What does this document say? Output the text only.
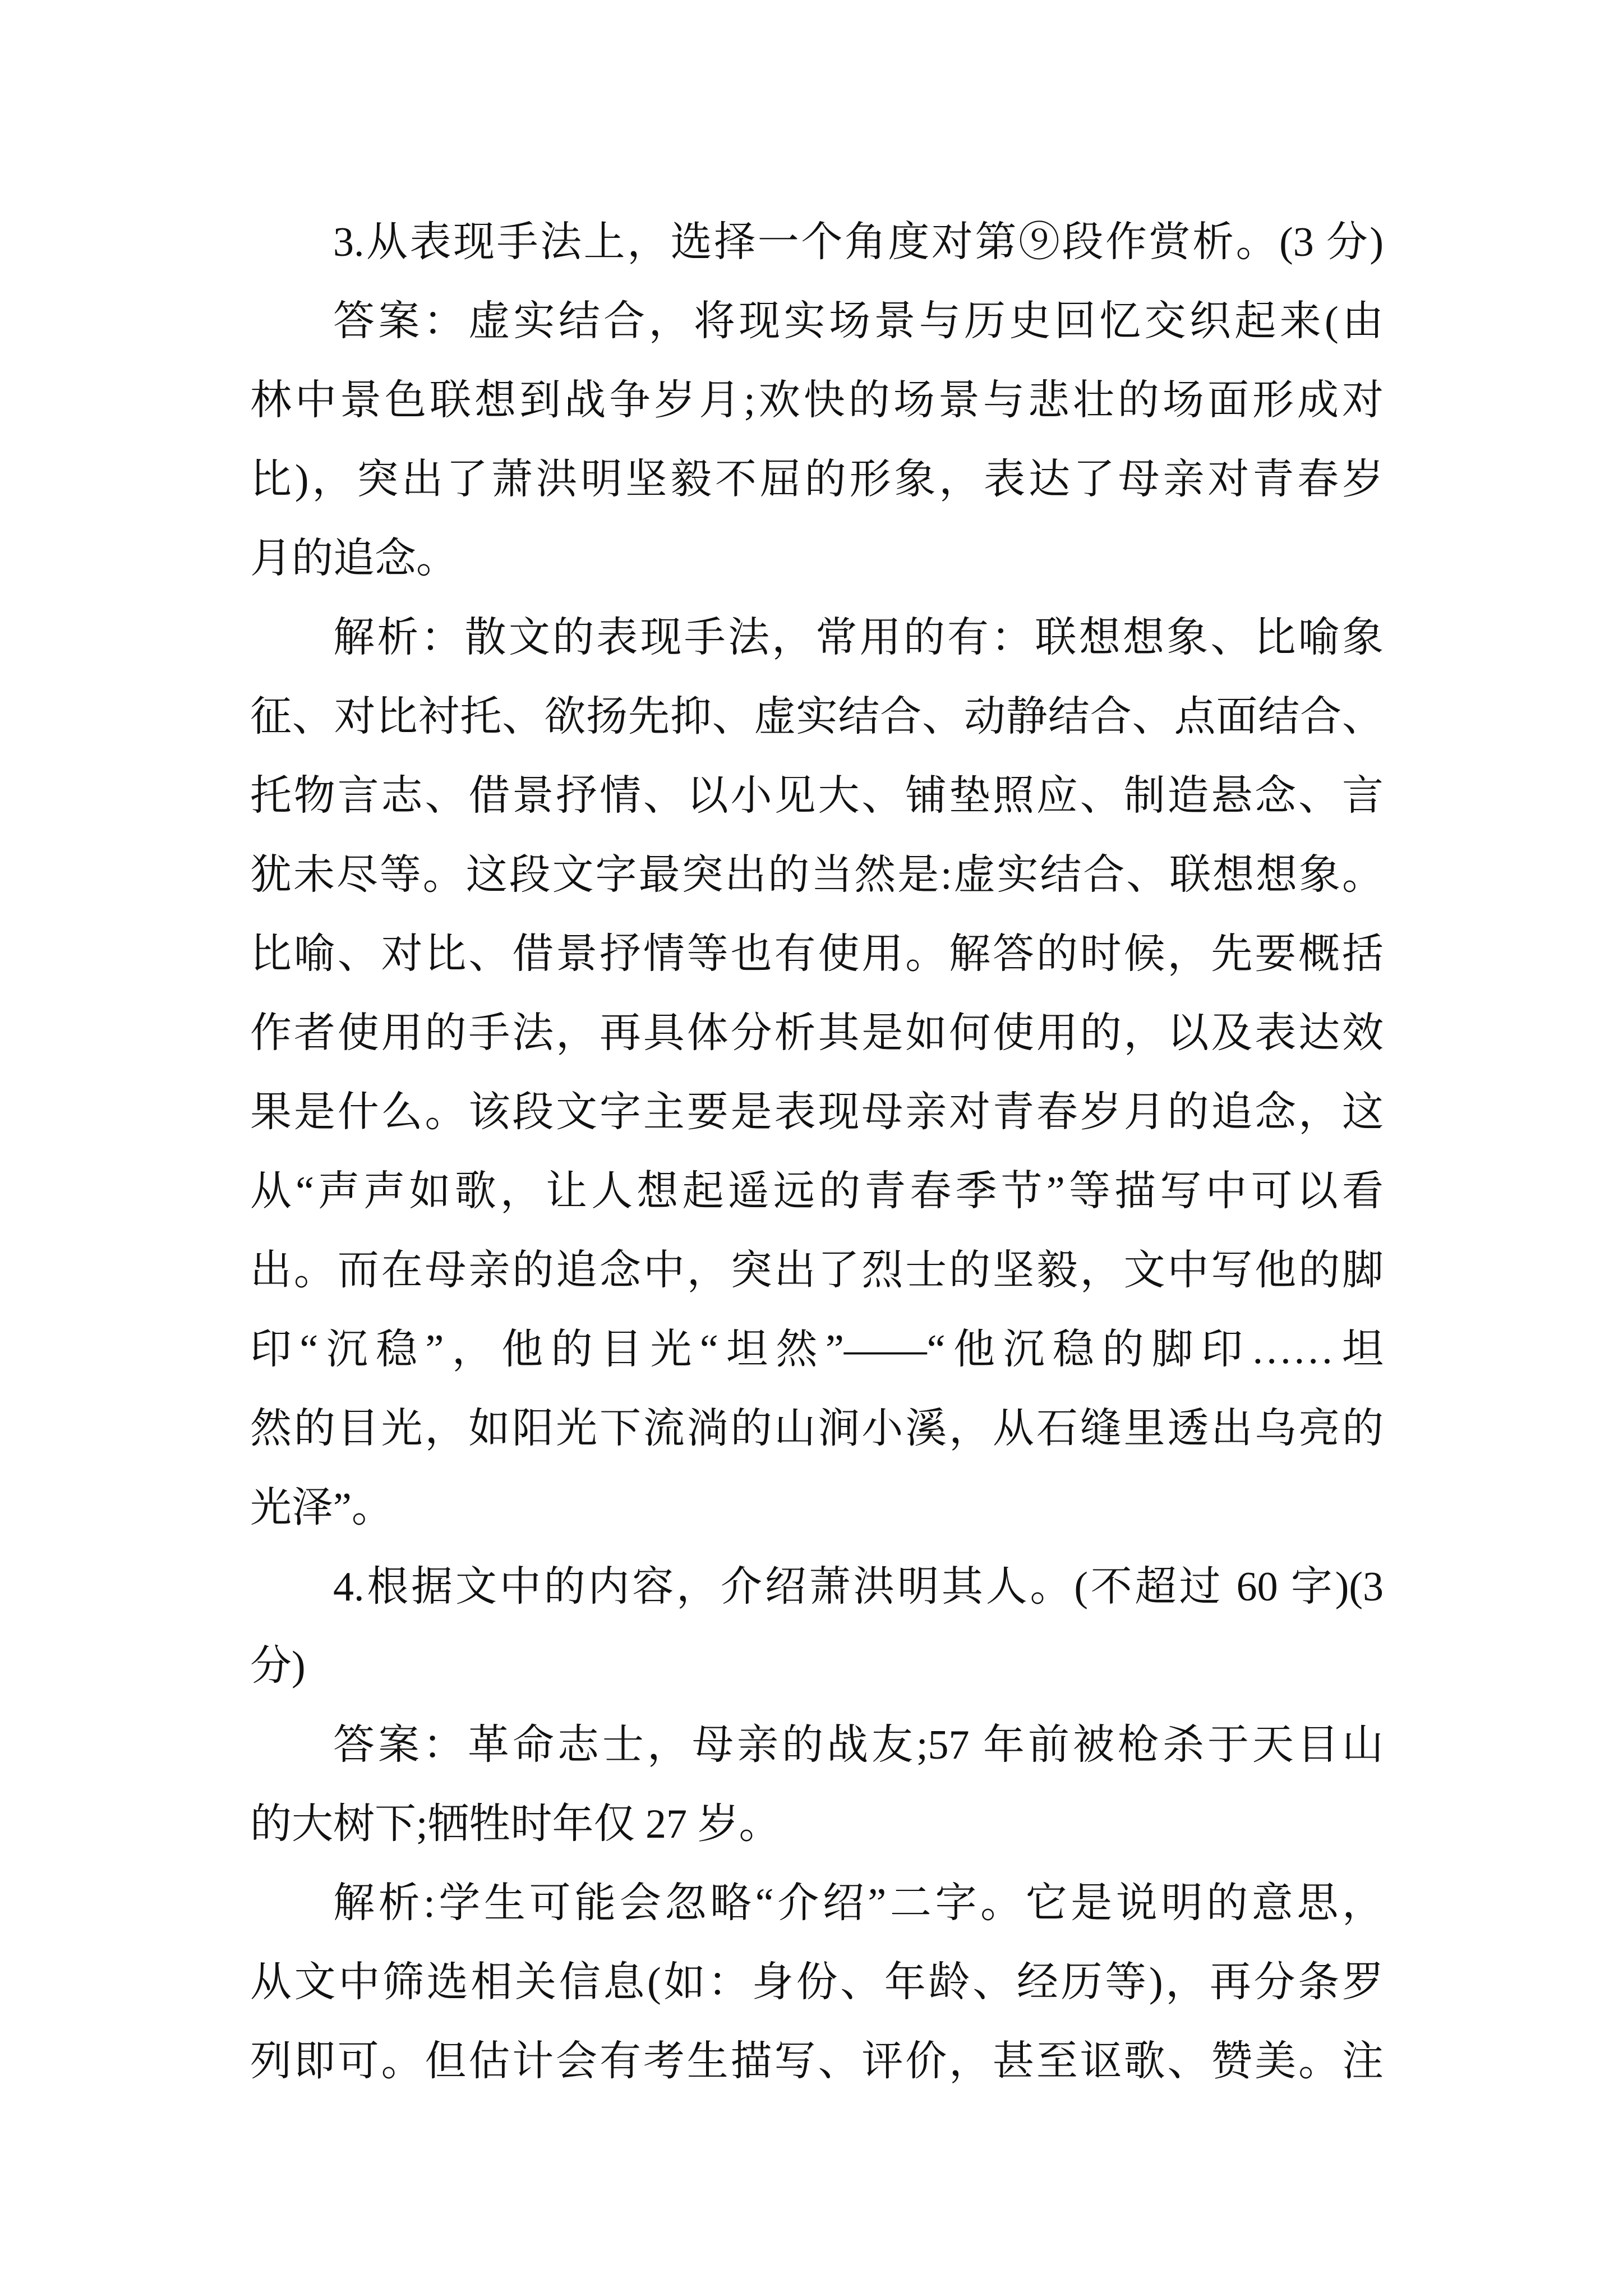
3.从表现手法上，选择一个角度对第⑨段作赏析。(3 分)
答案：虚实结合，将现实场景与历史回忆交织起来(由
林中景色联想到战争岁月;欢快的场景与悲壮的场面形成对
比)，突出了萧洪明坚毅不屈的形象，表达了母亲对青春岁
月的追念。
解析：散文的表现手法，常用的有：联想想象、比喻象
征、对比衬托、欲扬先抑、虚实结合、动静结合、点面结合、
托物言志、借景抒情、以小见大、铺垫照应、制造悬念、言
犹未尽等。这段文字最突出的当然是:虚实结合、联想想象。
比喻、对比、借景抒情等也有使用。解答的时候，先要概括
作者使用的手法，再具体分析其是如何使用的，以及表达效
果是什么。该段文字主要是表现母亲对青春岁月的追念，这
从“声声如歌，让人想起遥远的青春季节”等描写中可以看
出。而在母亲的追念中，突出了烈士的坚毅，文中写他的脚
印“沉稳”，他的目光“坦然”——“他沉稳的脚印……坦
然的目光，如阳光下流淌的山涧小溪，从石缝里透出乌亮的
光泽”。
4.根据文中的内容，介绍萧洪明其人。(不超过 60 字)(3
分)
答案：革命志士，母亲的战友;57 年前被枪杀于天目山
的大树下;牺牲时年仅 27 岁。
解析:学生可能会忽略“介绍”二字。它是说明的意思，
从文中筛选相关信息(如：身份、年龄、经历等)，再分条罗
列即可。但估计会有考生描写、评价，甚至讴歌、赞美。注
